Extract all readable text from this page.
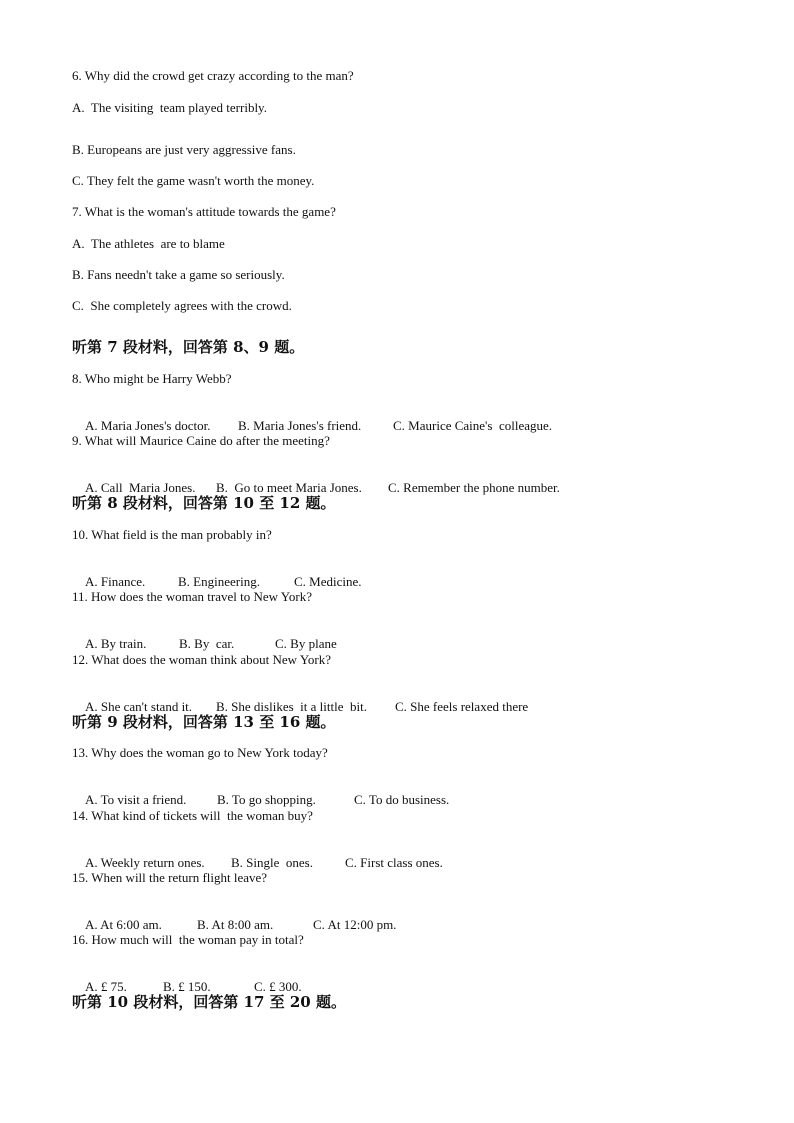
6. Why did the crowd get crazy according to the man?
A.  The visiting  team played terribly.
B. Europeans are just very aggressive fans.
C. They felt the game wasn't worth the money.
7. What is the woman's attitude towards the game?
A.  The athletes  are to blame
B. Fans needn't take a game so seriously.
C.  She completely agrees with the crowd.
听第 7 段材料，回答第 8、9 题。
8. Who might be Harry Webb?

A. Maria Jones's doctor. B. Maria Jones's friend. C. Maurice Caine's  colleague.

9. What will Maurice Caine do after the meeting?

A. Call  Maria Jones. B.  Go to meet Maria Jones. C. Remember the phone number.

听第 8 段材料，回答第 10 至 12 题。
10. What field is the man probably in?

A. Finance.	B. Engineering.	C. Medicine.

11. How does the woman travel to New York?

A. By train.	B. By  car.	C. By plane

12. What does the woman think about New York?

A. She can't stand it. B. She dislikes  it a little  bit. C. She feels relaxed there

听第 9 段材料，回答第 13 至 16 题。
13. Why does the woman go to New York today?

A. To visit a friend. B. To go shopping.	C. To do business.

14. What kind of tickets will  the woman buy?

A. Weekly return ones. B. Single  ones. C. First class ones.

15. When will the return flight leave?

A. At 6:00 am.	B. At 8:00 am.	C. At 12:00 pm.

16. How much will  the woman pay in total?

A. £ 75.	B. £ 150.	C. £ 300.

听第 10 段材料，回答第 17 至 20 题。
